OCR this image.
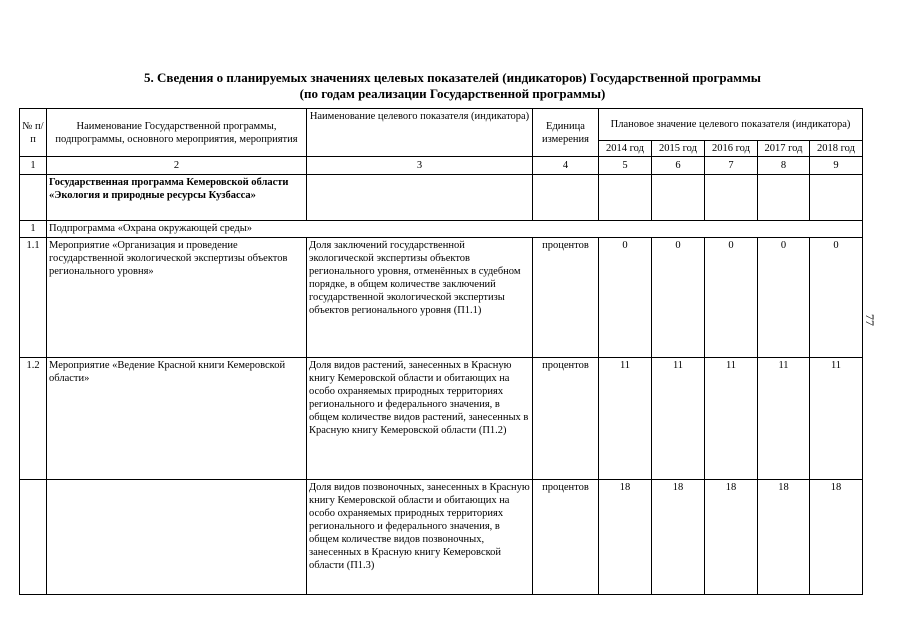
5. Сведения о планируемых значениях целевых показателей (индикаторов) Государственной программы
(по годам реализации Государственной программы)
№ п/п	Наименование Государственной программы, подпрограммы, основного мероприятия, мероприятия	Наименование целевого показателя (индикатора)	Единица измерения	Плановое значение целевого показателя (индикатора)				
				2014 год	2015 год	2016 год	2017 год	2018 год
1	2	3	4	5	6	7	8	9
	Государственная программа Кемеровской области «Экология и природные ресурсы Кузбасса»							
1	Подпрограмма «Охрана окружающей среды»							
1.1	Мероприятие «Организация и проведение государственной экологической экспертизы объектов регионального уровня»	Доля заключений государственной экологической экспертизы объектов регионального уровня, отменённых в судебном порядке, в общем количестве заключений государственной экологической экспертизы объектов регионального уровня (П1.1)	процентов	0	0	0	0	0
1.2	Мероприятие «Ведение Красной книги Кемеровской области»	Доля видов растений, занесенных в Красную книгу Кемеровской области и обитающих на особо охраняемых природных территориях регионального и федерального значения, в общем количестве видов растений, занесенных в Красную книгу Кемеровской области (П1.2)	процентов	11	11	11	11	11
		Доля видов позвоночных, занесенных в Красную книгу Кемеровской области и обитающих на особо охраняемых природных территориях регионального и федерального значения, в общем количестве видов позвоночных, занесенных в Красную книгу Кемеровской области (П1.3)	процентов	18	18	18	18	18
77
